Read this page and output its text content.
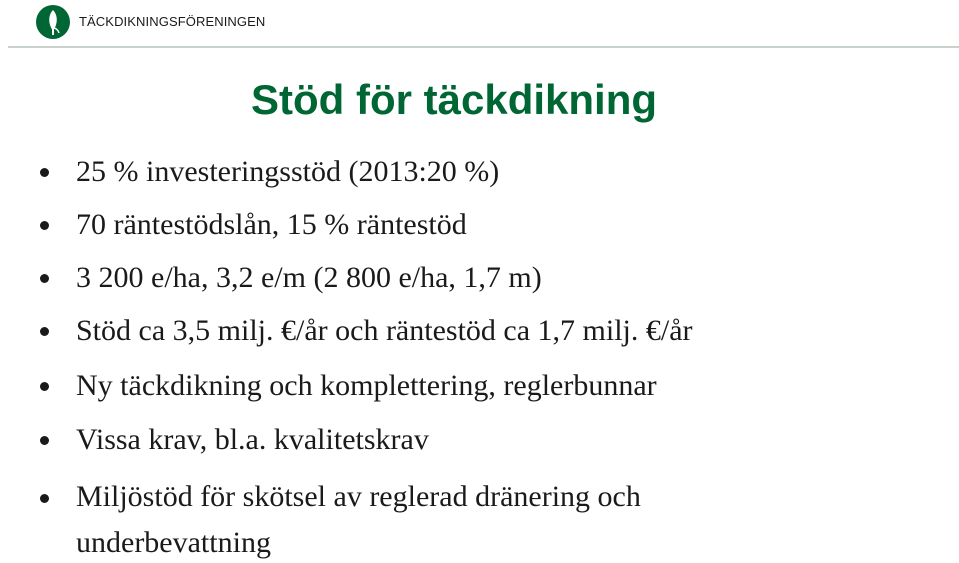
TÄCKDIKNINGSFÖRENINGEN
Stöd för täckdikning
25 % investeringsstöd (2013:20 %)
70 räntestödslån, 15 % räntestöd
3 200 e/ha, 3,2 e/m (2 800 e/ha, 1,7 m)
Stöd ca 3,5 milj. €/år och räntestöd ca 1,7 milj. €/år
Ny täckdikning och komplettering, reglerbunnar
Vissa krav, bl.a. kvalitetskrav
Miljöstöd för skötsel av reglerad dränering och underbevattning
